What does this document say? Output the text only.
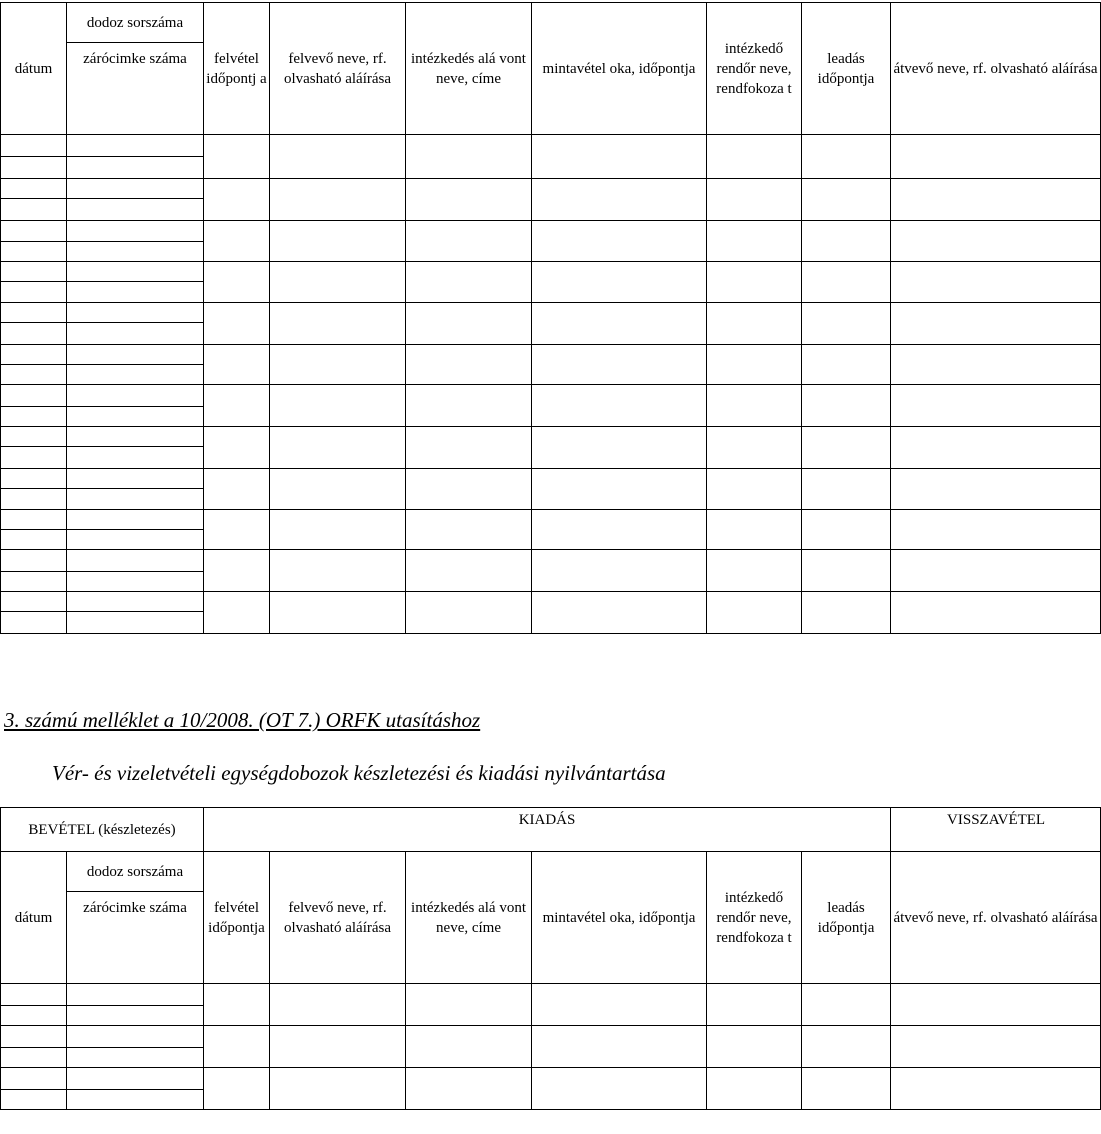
dátum	dodoz sorszáma	felvétel időpontj a	felvevő neve, rf. olvasható aláírása	intézkedés alá vont neve, címe	mintavétel oka, időpontja	intézkedő rendőr neve, rendfokoza t	leadás időpontja	átvevő neve, rf. olvasható aláírása
	zárócimke száma							

3. számú melléklet a 10/2008. (OT 7.) ORFK utasításhoz
Vér- és vizeletvételi egységdobozok készletezési és kiadási nyilvántartása
BEVÉTEL (készletezés)		KIADÁS						VISSZAVÉTEL
dátum	dodoz sorszáma	felvétel időpontja	felvevő neve, rf. olvasható aláírása	intézkedés alá vont neve, címe	mintavétel oka, időpontja	intézkedő rendőr neve, rendfokoza t	leadás időpontja	átvevő neve, rf. olvasható aláírása
	zárócimke száma							
